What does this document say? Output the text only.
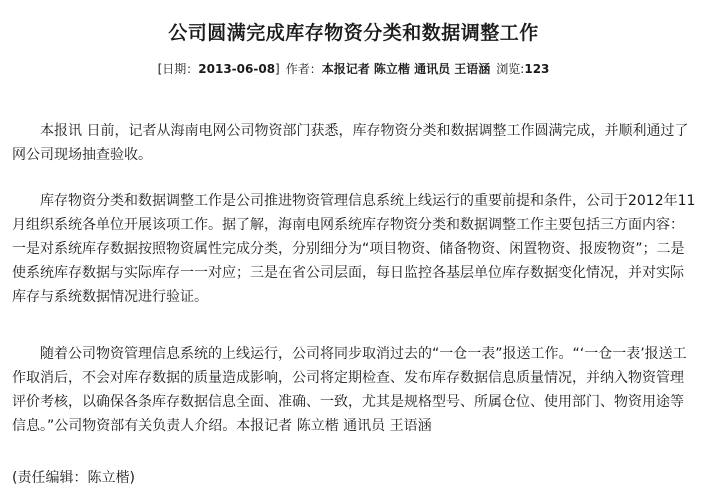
公司圆满完成库存物资分类和数据调整工作
[日期：2013-06-08] 作者：本报记者 陈立楷 通讯员 王语涵 浏览:123

本报讯 日前，记者从海南电网公司物资部门获悉，库存物资分类和数据调整工作圆满完成，并顺利通过了网公司现场抽查验收。

库存物资分类和数据调整工作是公司推进物资管理信息系统上线运行的重要前提和条件，公司于2012年11月组织系统各单位开展该项工作。据了解，海南电网系统库存物资分类和数据调整工作主要包括三方面内容：一是对系统库存数据按照物资属性完成分类，分别细分为“项目物资、储备物资、闲置物资、报废物资”；二是使系统库存数据与实际库存一一对应；三是在省公司层面，每日监控各基层单位库存数据变化情况，并对实际库存与系统数据情况进行验证。

随着公司物资管理信息系统的上线运行，公司将同步取消过去的“一仓一表”报送工作。“‘一仓一表’报送工作取消后，不会对库存数据的质量造成影响，公司将定期检查、发布库存数据信息质量情况，并纳入物资管理评价考核，以确保各条库存数据信息全面、准确、一致，尤其是规格型号、所属仓位、使用部门、物资用途等信息。”公司物资部有关负责人介绍。本报记者 陈立楷 通讯员 王语涵

(责任编辑：陈立楷)
